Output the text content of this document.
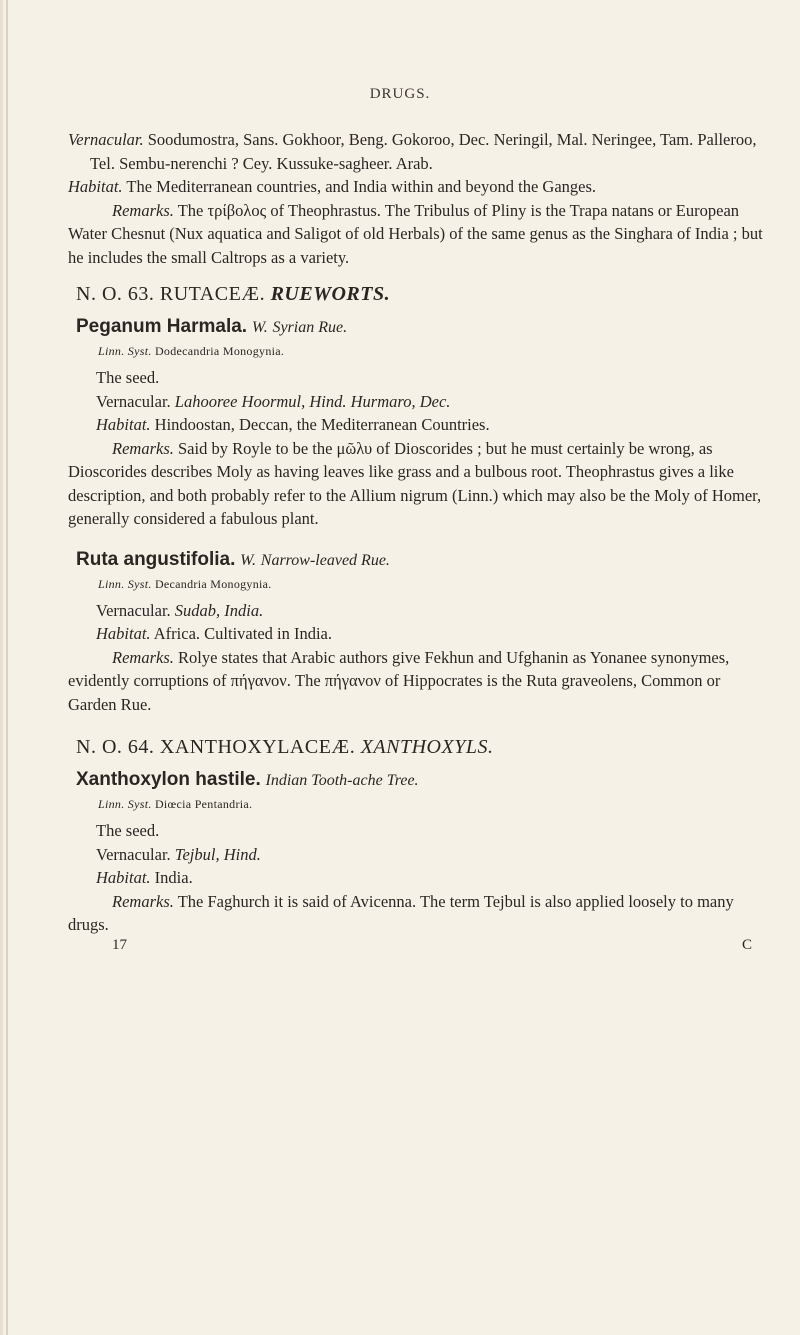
DRUGS.

Vernacular. Soodumostra, Sans. Gokhoor, Beng. Gokoroo, Dec. Neringil, Mal. Neringee, Tam. Palleroo, Tel. Sembu-nerenchi ? Cey. Kussuke-sagheer. Arab.

Habitat. The Mediterranean countries, and India within and beyond the Ganges.

Remarks. The τρίβολος of Theophrastus. The Tribulus of Pliny is the Trapa natans or European Water Chesnut (Nux aquatica and Saligot of old Herbals) of the same genus as the Singhara of India ; but he includes the small Caltrops as a variety.

N. O. 63. RUTACEÆ. RUEWORTS.
Peganum Harmala. W. Syrian Rue.
Linn. Syst. Dodecandria Monogynia.

The seed.

Vernacular. Lahooree Hoormul, Hind. Hurmaro, Dec.

Habitat. Hindoostan, Deccan, the Mediterranean Countries.

Remarks. Said by Royle to be the μῶλυ of Dioscorides ; but he must certainly be wrong, as Dioscorides describes Moly as having leaves like grass and a bulbous root. Theophrastus gives a like description, and both probably refer to the Allium nigrum (Linn.) which may also be the Moly of Homer, generally considered a fabulous plant.

Ruta angustifolia. W. Narrow-leaved Rue.
Linn. Syst. Decandria Monogynia.

Vernacular. Sudab, India.

Habitat. Africa. Cultivated in India.

Remarks. Rolye states that Arabic authors give Fekhun and Ufghanin as Yonanee synonymes, evidently corruptions of πήγανον. The πήγανον of Hippocrates is the Ruta graveolens, Common or Garden Rue.

N. O. 64. XANTHOXYLACEÆ. XANTHOXYLS.
Xanthoxylon hastile. Indian Tooth-ache Tree.
Linn. Syst. Diœcia Pentandria.

The seed.

Vernacular. Tejbul, Hind.

Habitat. India.

Remarks. The Faghurch it is said of Avicenna. The term Tejbul is also applied loosely to many drugs.

17	C
